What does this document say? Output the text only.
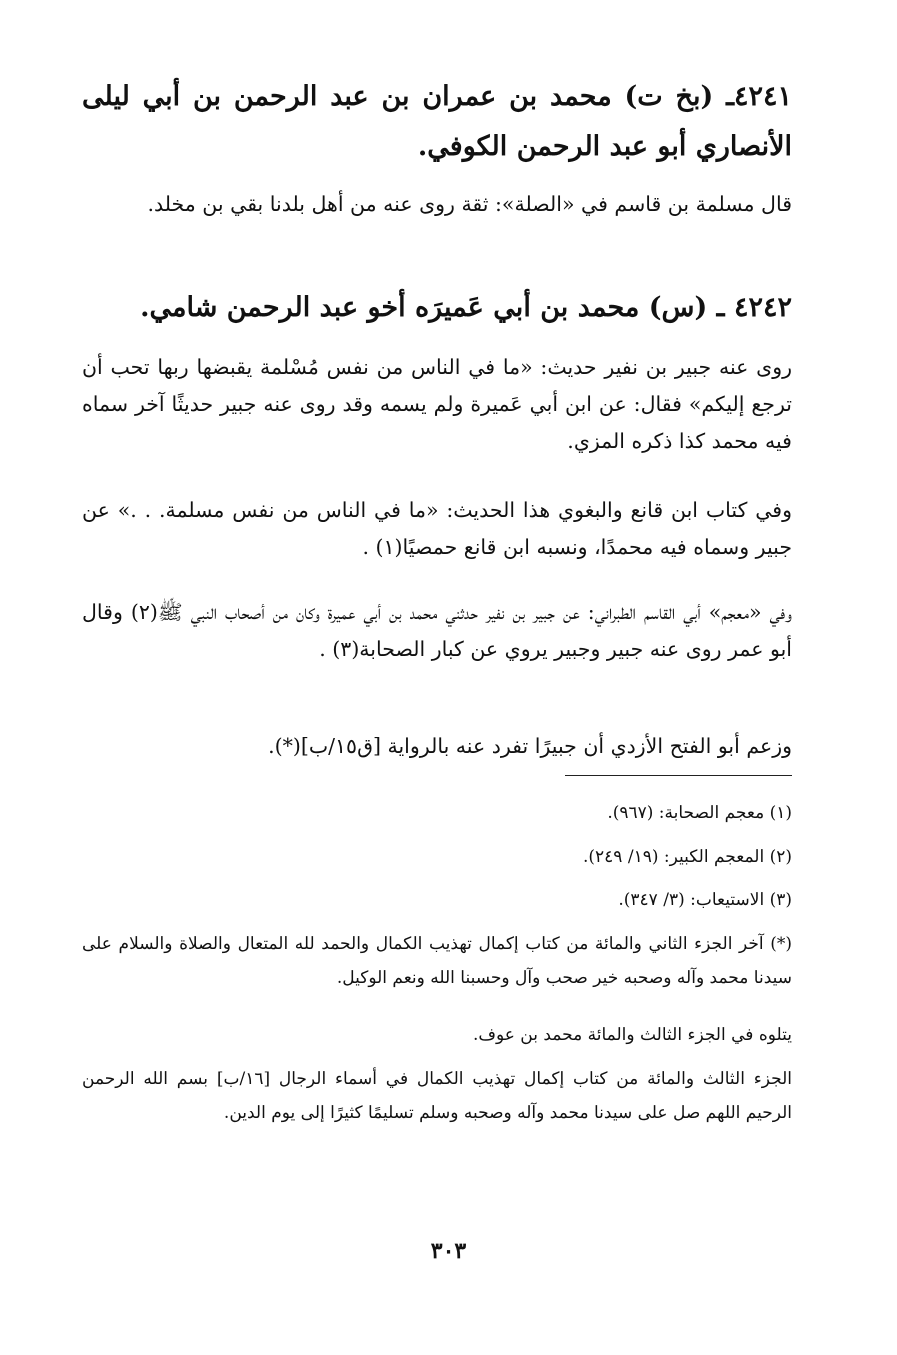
٤٢٤١ـ (بخ ت) محمد بن عمران بن عبد الرحمن بن أبي ليلى الأنصاري أبو عبد الرحمن الكوفي.
قال مسلمة بن قاسم في «الصلة»: ثقة روى عنه من أهل بلدنا بقي بن مخلد.
٤٢٤٢ ـ (س) محمد بن أبي عَميرَه أخو عبد الرحمن شامي.
روى عنه جبير بن نفير حديث: «ما في الناس من نفس مُسْلمة يقبضها ربها تحب أن ترجع إليكم» فقال: عن ابن أبي عَميرة ولم يسمه وقد روى عنه جبير حديثًا آخر سماه فيه محمد كذا ذكره المزي.
وفي كتاب ابن قانع والبغوي هذا الحديث: «ما في الناس من نفس مسلمة. . .» عن جبير وسماه فيه محمدًا، ونسبه ابن قانع حمصيًا(١) .
وفي «معجم» أبي القاسم الطبراني: عن جبير بن نفير حدثني محمد بن أبي عميرة وكان من أصحاب النبي ﷺ(٢) وقال أبو عمر روى عنه جبير وجبير يروي عن كبار الصحابة(٣) .
وزعم أبو الفتح الأزدي أن جبيرًا تفرد عنه بالرواية [ق١٥/ب](*).
(١) معجم الصحابة: (٩٦٧).
(٢) المعجم الكبير: (١٩/ ٢٤٩).
(٣) الاستيعاب: (٣/ ٣٤٧).
(*) آخر الجزء الثاني والمائة من كتاب إكمال تهذيب الكمال والحمد لله المتعال والصلاة والسلام على سيدنا محمد وآله وصحبه خير صحب وآل وحسبنا الله ونعم الوكيل.
يتلوه في الجزء الثالث والمائة محمد بن عوف.
الجزء الثالث والمائة من كتاب إكمال تهذيب الكمال في أسماء الرجال [١٦/ب] بسم الله الرحمن الرحيم اللهم صل على سيدنا محمد وآله وصحبه وسلم تسليمًا كثيرًا إلى يوم الدين.
٣٠٣
